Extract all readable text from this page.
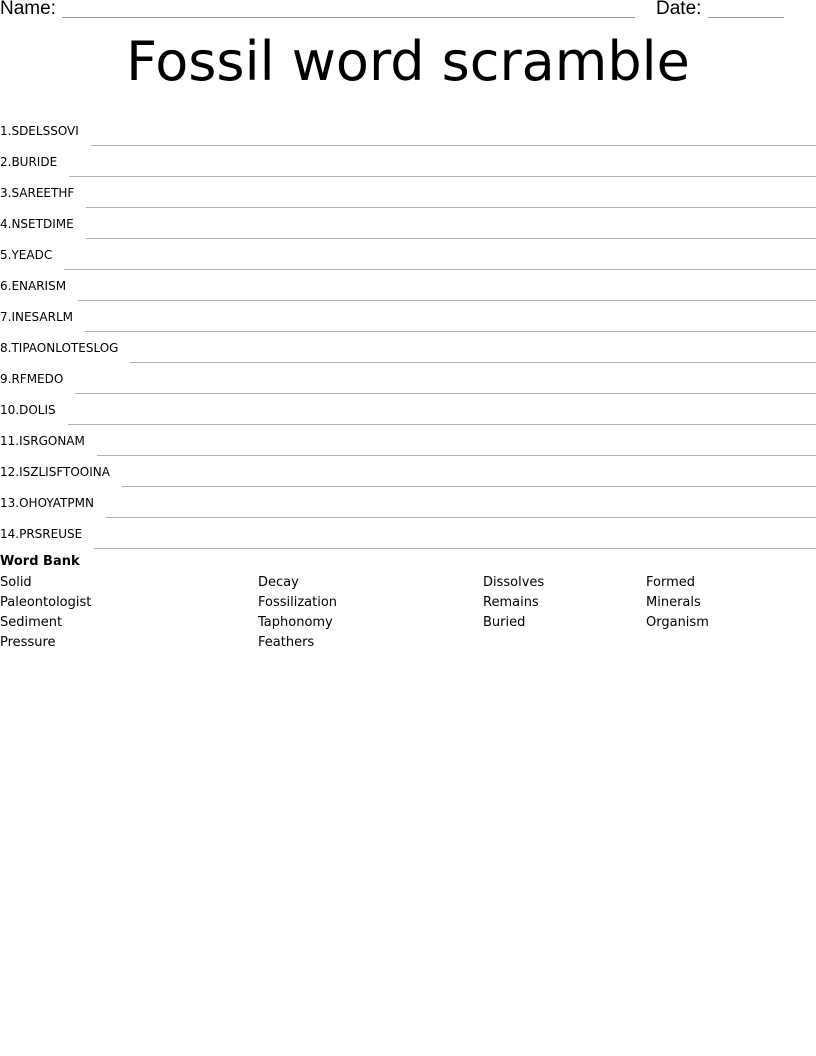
Name:	Date:
Fossil word scramble
1. SDELSSOVI
2. BURIDE
3. SAREETHF
4. NSETDIME
5. YEADC
6. ENARISM
7. INESARLM
8. TIPAONLOTESLOG
9. RFMEDO
10. DOLIS
11. ISRGONAM
12. ISZLISFTOOINA
13. OHOYATPMN
14. PRSREUSE
Word Bank
Solid
Paleontologist
Sediment
Pressure
Decay
Fossilization
Taphonomy
Feathers
Dissolves
Remains
Buried
Formed
Minerals
Organism
